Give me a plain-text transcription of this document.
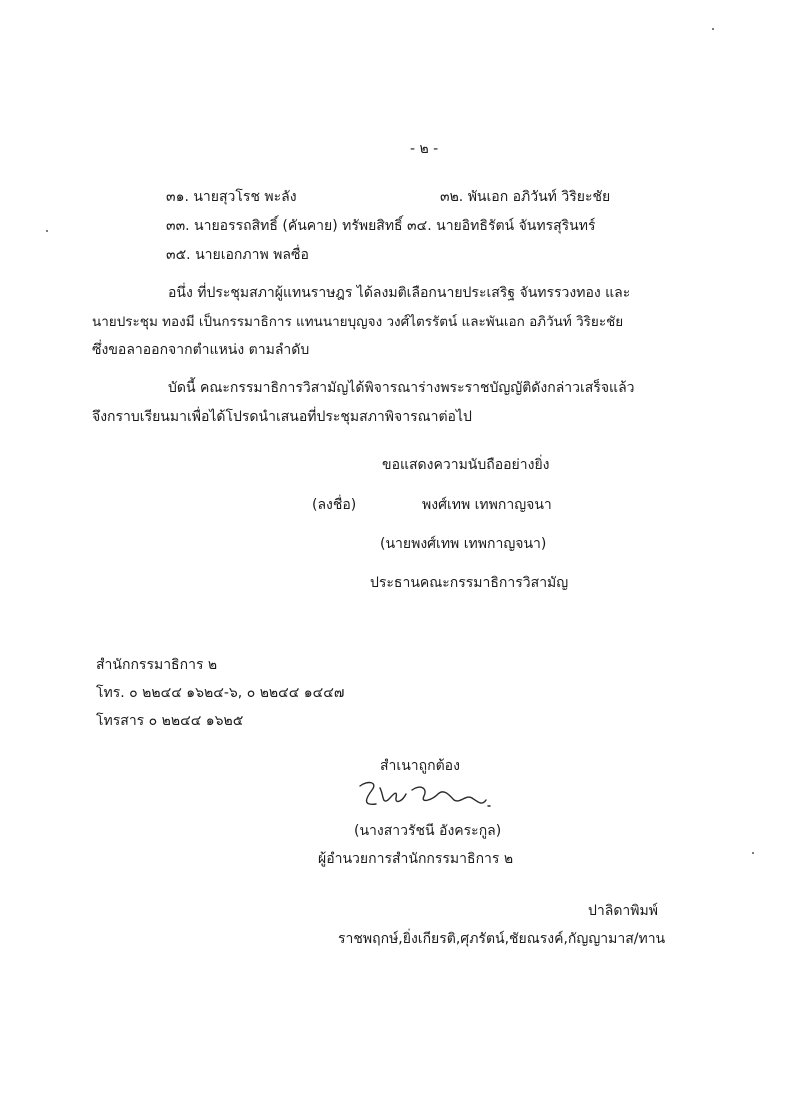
- ๒ -
๓๑. นายสุวโรช พะลัง	๓๒. พันเอก อภิวันท์ วิริยะชัย
๓๓. นายอรรถสิทธิ์ (คันคาย) ทรัพยสิทธิ์ ๓๔. นายอิทธิรัตน์ จันทรสุรินทร์
๓๕. นายเอกภาพ พลซื่อ
อนึ่ง ที่ประชุมสภาผู้แทนราษฎร ได้ลงมติเลือกนายประเสริฐ จันทรรวงทอง และ
นายประชุม ทองมี เป็นกรรมาธิการ แทนนายบุญจง วงศ์ไตรรัตน์ และพันเอก อภิวันท์ วิริยะชัย
ซึ่งขอลาออกจากตำแหน่ง ตามลำดับ
บัดนี้ คณะกรรมาธิการวิสามัญได้พิจารณาร่างพระราชบัญญัติดังกล่าวเสร็จแล้ว
จึงกราบเรียนมาเพื่อได้โปรดนำเสนอที่ประชุมสภาพิจารณาต่อไป
ขอแสดงความนับถืออย่างยิ่ง
(ลงชื่อ)	พงศ์เทพ เทพกาญจนา
(นายพงศ์เทพ เทพกาญจนา)
ประธานคณะกรรมาธิการวิสามัญ
สำนักกรรมาธิการ ๒
โทร. ๐ ๒๒๔๔ ๑๖๒๔-๖, ๐ ๒๒๔๔ ๑๔๔๗
โทรสาร ๐ ๒๒๔๔ ๑๖๒๕
สำเนาถูกต้อง
(นางสาวรัชนี อังคระกูล)
ผู้อำนวยการสำนักกรรมาธิการ ๒
ปาลิดาพิมพ์
ราชพฤกษ์,ยิ่งเกียรติ,ศุภรัตน์,ชัยณรงค์,กัญญามาส/ทาน
